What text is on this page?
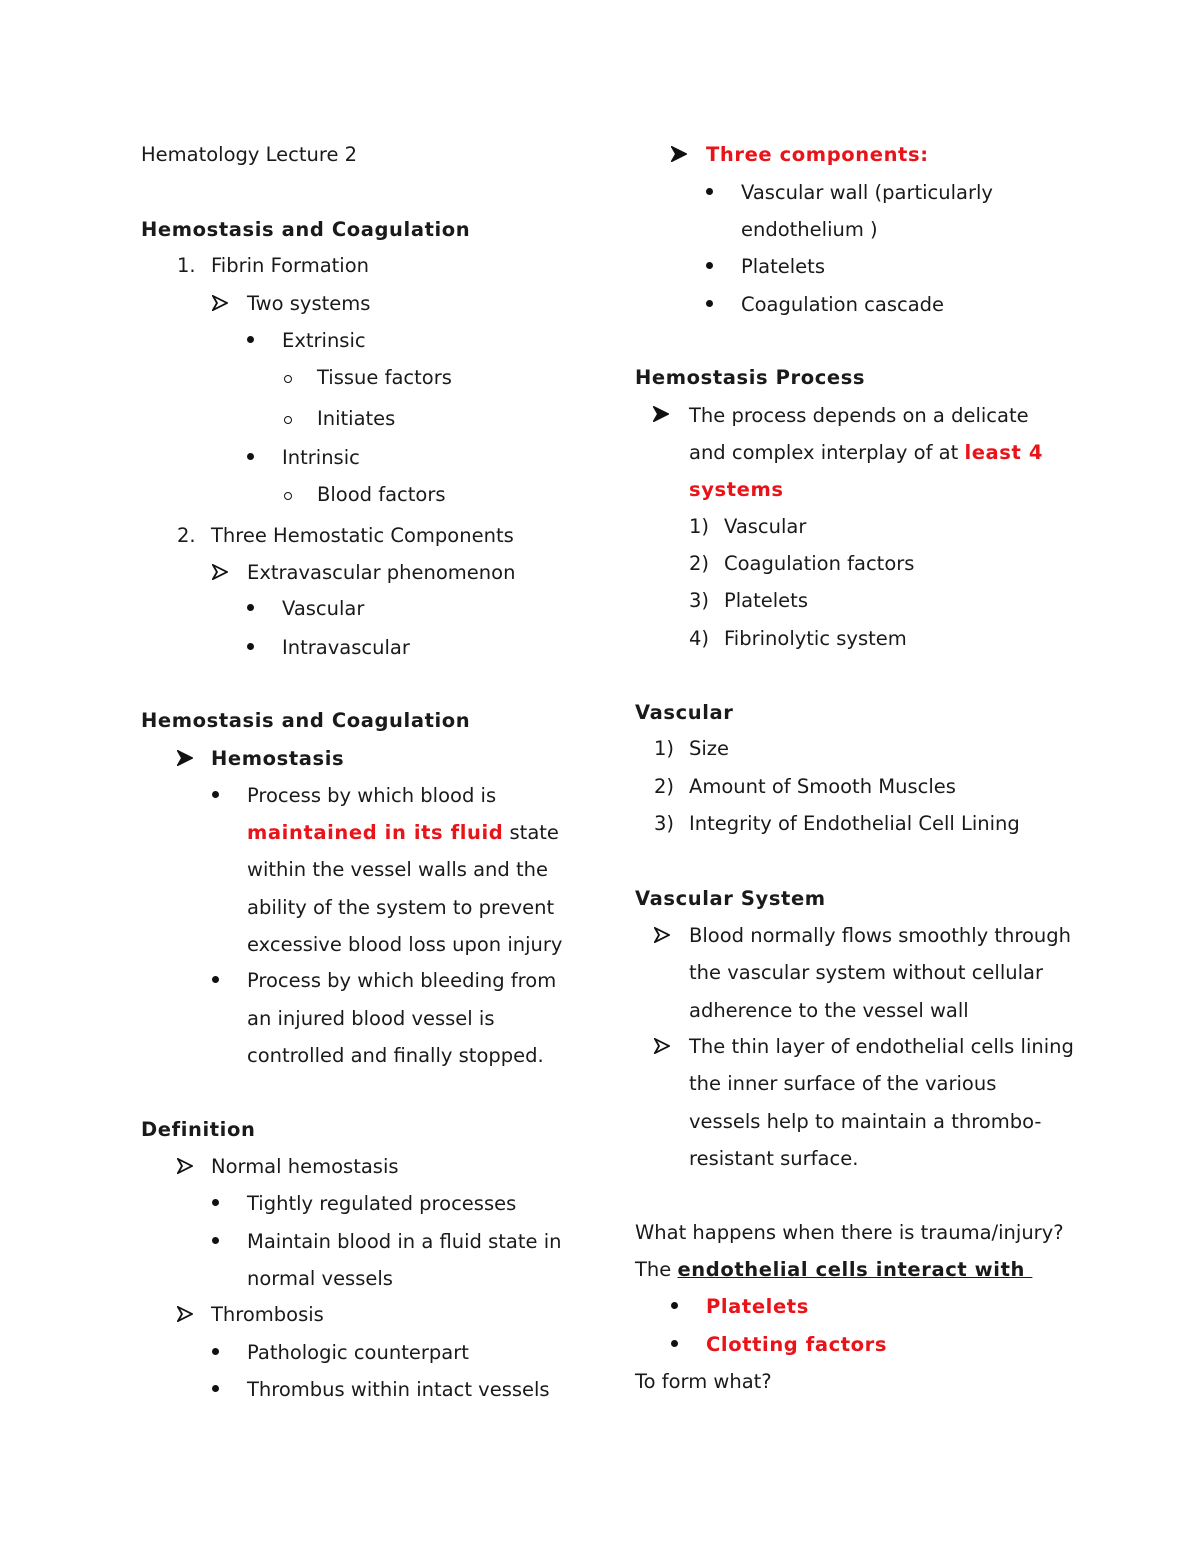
Hematology Lecture 2
Hemostasis and Coagulation
1. Fibrin Formation
Two systems
Extrinsic
Tissue factors
Initiates
Intrinsic
Blood factors
2. Three Hemostatic Components
Extravascular phenomenon
Vascular
Intravascular
Hemostasis and Coagulation
Hemostasis
Process by which blood is
maintained in its fluid state
within the vessel walls and the
ability of the system to prevent
excessive blood loss upon injury
Process by which bleeding from
an injured blood vessel is
controlled and finally stopped.
Definition
Normal hemostasis
Tightly regulated processes
Maintain blood in a fluid state in
normal vessels
Thrombosis
Pathologic counterpart
Thrombus within intact vessels
Three components:
Vascular wall (particularly
endothelium )
Platelets
Coagulation cascade
Hemostasis Process
The process depends on a delicate
and complex interplay of at least 4
systems
1) Vascular
2) Coagulation factors
3) Platelets
4) Fibrinolytic system
Vascular
1) Size
2) Amount of Smooth Muscles
3) Integrity of Endothelial Cell Lining
Vascular System
Blood normally flows smoothly through
the vascular system without cellular
adherence to the vessel wall
The thin layer of endothelial cells lining
the inner surface of the various
vessels help to maintain a thrombo-
resistant surface.
What happens when there is trauma/injury?
The endothelial cells interact with
Platelets
Clotting factors
To form what?
